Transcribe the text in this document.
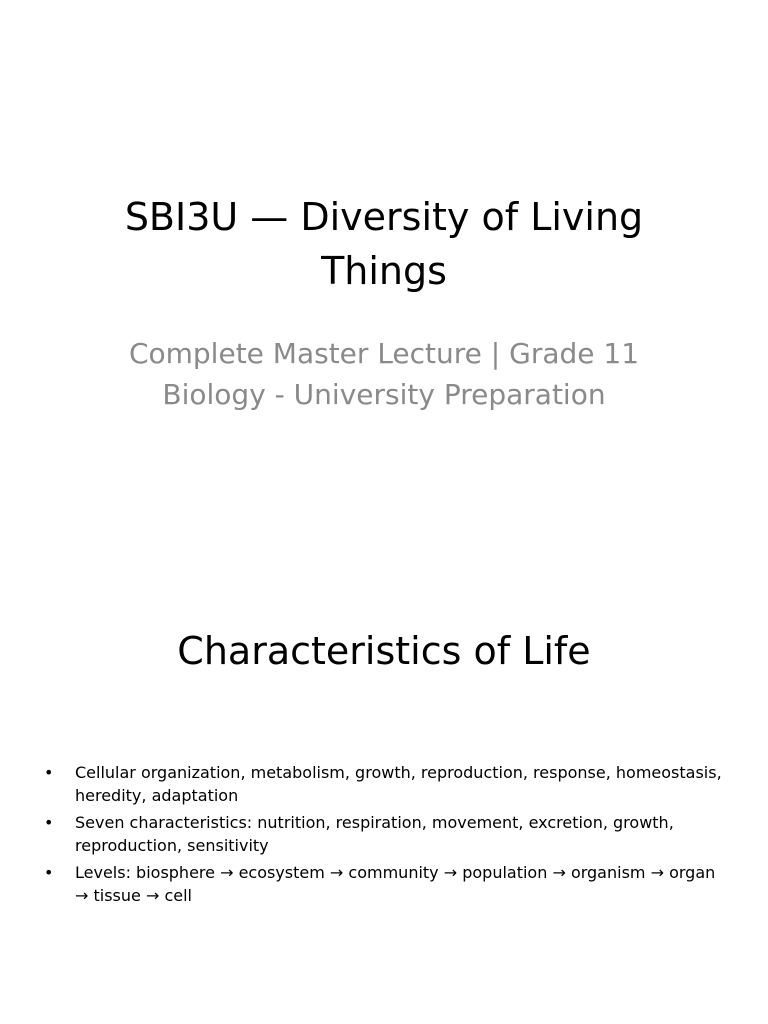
SBI3U — Diversity of Living Things

Complete Master Lecture | Grade 11 Biology - University Preparation

Characteristics of Life
• Cellular organization, metabolism, growth, reproduction, response, homeostasis, heredity, adaptation
• Seven characteristics: nutrition, respiration, movement, excretion, growth, reproduction, sensitivity
• Levels: biosphere → ecosystem → community → population → organism → organ → tissue → cell
